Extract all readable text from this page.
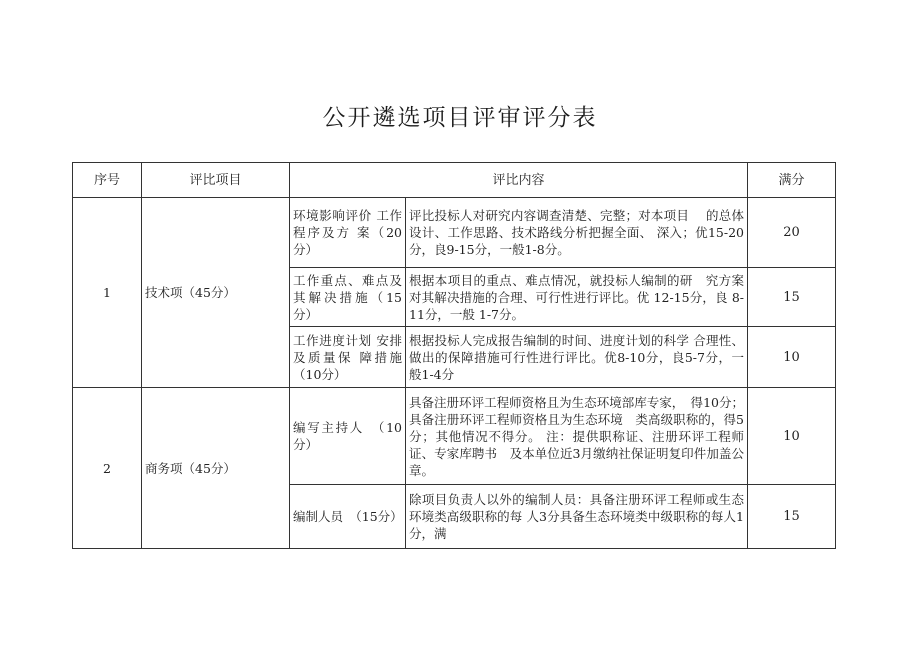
公开遴选项目评审评分表
序号	评比项目	评比内容		满分
1	技术项（45分）	环境影响评价 工作程序及方 案（20分）	评比投标人对研究内容调查清楚、完整；对本项目　 的总体设计、工作思路、技术路线分析把握全面、 深入；优15-20分，良9-15分，一般1-8分。	20
		工作重点、难点及其解决措施（15分）	根据本项目的重点、难点情况，就投标人编制的研　究方案对其解决措施的合理、可行性进行评比。优 12-15分，良 8-11分，一般 1-7分。	15
		工作进度计划 安排及质量保 障措施（10分）	根据投标人完成报告编制的时间、进度计划的科学 合理性、做出的保障措施可行性进行评比。优8-10分，良5-7分，一般1-4分	10
2	商务项（45分）	编写主持人　（10分）	具备注册环评工程师资格且为生态环境部库专家，　得10分；具备注册环评工程师资格且为生态环境　类高级职称的，得5分；其他情况不得分。 注：提供职称证、注册环评工程师证、专家库聘书　及本单位近3月缴纳社保证明复印件加盖公章。	10
		编制人员　（15分）	除项目负责人以外的编制人员：具备注册环评工程师或生态环境类高级职称的每 人3分具备生态环境类中级职称的每人1分，满	15
